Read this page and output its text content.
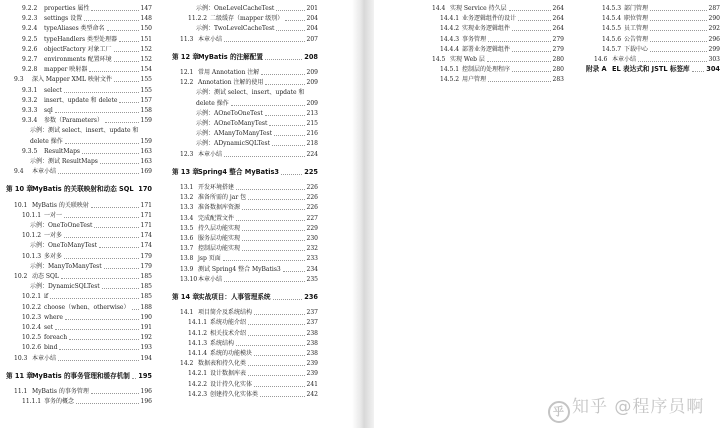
9.2.2 properties 属性	147
9.2.3 settings 设置	148
9.2.4 typeAliases 类型命名	150
9.2.5 typeHandlers 类型处理器	151
9.2.6 objectFactory 对象工厂	152
9.2.7 environments 配置环境	152
9.2.8 mapper 映射器	154
9.3 深入 Mapper XML 映射文件	155
9.3.1 select	155
9.3.2 insert、update 和 delete	157
9.3.3 sql	158
9.3.4 参数（Parameters）	159
示例：测试 select、insert、update 和
delete 操作	159
9.3.5 ResultMaps	163
示例：测试 ResultMaps	163
9.4 本章小结	169
第 10 章 MyBatis 的关联映射和动态 SQL 170
10.1 MyBatis 的关联映射	171
10.1.1 一对一	171
示例：OneToOneTest	171
10.1.2 一对多	174
示例：OneToManyTest	174
10.1.3 多对多	179
示例：ManyToManyTest	179
10.2 动态 SQL	185
示例：DynamicSQLTest	185
10.2.1 if	185
10.2.2 choose（when、otherwise） 188
10.2.3 where	190
10.2.4 set	191
10.2.5 foreach	192
10.2.6 bind	193
10.3 本章小结	194
第 11 章 MyBatis 的事务管理和缓存机制 195
11.1 MyBatis 的事务管理	196
11.1.1 事务的概念	196
示例：OneLevelCacheTest	201
11.2.2 二级缓存（mapper 级别）	204
示例：TwoLevelCacheTest	204
11.3 本章小结	207
第 12 章 MyBatis 的注解配置	208
12.1 常用 Annotation 注解	209
12.2 Annotation 注解的使用	209
示例：测试 select、insert、update 和
delete 操作	209
示例：AOneToOneTest	213
示例：AOneToManyTest	215
示例：AManyToManyTest	216
示例：ADynamicSQLTest	218
12.3 本章小结	224
第 13 章 Spring4 整合 MyBatis3	225
13.1 开发环境搭建	226
13.2 准备所需的 jar 包	226
13.3 准备数据库资源	226
13.4 完成配置文件	227
13.5 持久层功能实现	229
13.6 服务层功能实现	230
13.7 控制层功能实现	232
13.8 jsp 页面	233
13.9 测试 Spring4 整合 MyBatis3	234
13.10 本章小结	235
第 14 章 实战项目：人事管理系统	236
14.1 项目简介及系统结构	237
14.1.1 系统功能介绍	237
14.1.2 相关技术介绍	238
14.1.3 系统结构	238
14.1.4 系统的功能模块	238
14.2 数据表和持久化类	239
14.2.1 设计数据库表	239
14.2.2 设计持久化实体	241
14.2.3 创建持久化实体类	242
14.4 实现 Service 持久层	264
14.4.1 业务逻辑组件的设计	264
14.4.2 实现业务逻辑组件	264
14.4.3 事务管理	279
14.4.4 部署业务逻辑组件	279
14.5 实现 Web 层	280
14.5.1 控制层的处理程序	280
14.5.2 用户管理	283
14.5.3 部门管理	287
14.5.4 职位管理	290
14.5.5 员工管理	292
14.5.6 公告管理	296
14.5.7 下载中心	299
14.6 本章小结	303
附录 A EL 表达式和 JSTL 标签库	304
乎 知乎 @程序员啊
